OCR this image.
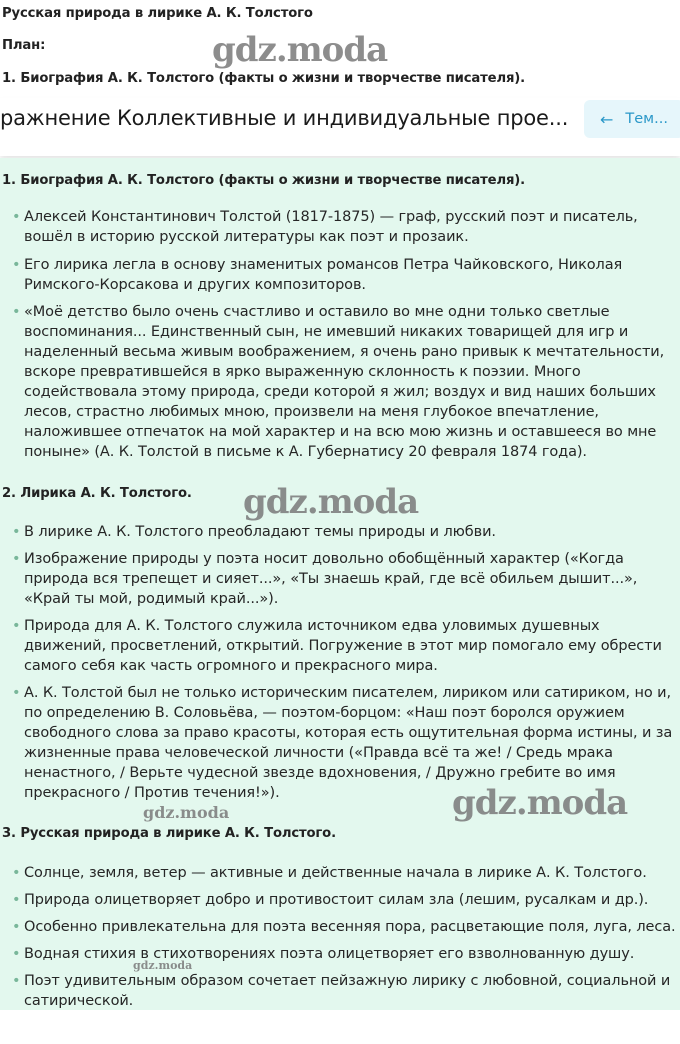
Русская природа в лирике А. К. Толстого
План:
1. Биография А. К. Толстого (факты о жизни и творчестве писателя).
gdz.moda
ражнение Коллективные и индивидуальные прое...	← Тем...
1. Биография А. К. Толстого (факты о жизни и творчестве писателя).
• Алексей Константинович Толстой (1817-1875) — граф, русский поэт и писатель, вошёл в историю русской литературы как поэт и прозаик.
• Его лирика легла в основу знаменитых романсов Петра Чайковского, Николая Римского-Корсакова и других композиторов.
• «Моё детство было очень счастливо и оставило во мне одни только светлые воспоминания... Единственный сын, не имевший никаких товарищей для игр и наделенный весьма живым воображением, я очень рано привык к мечтательности, вскоре превратившейся в ярко выраженную склонность к поэзии. Много содействовала этому природа, среди которой я жил; воздух и вид наших больших лесов, страстно любимых мною, произвели на меня глубокое впечатление, наложившее отпечаток на мой характер и на всю мою жизнь и оставшееся во мне поныне» (А. К. Толстой в письме к А. Губернатису 20 февраля 1874 года).
2. Лирика А. К. Толстого.
• В лирике А. К. Толстого преобладают темы природы и любви.
• Изображение природы у поэта носит довольно обобщённый характер («Когда природа вся трепещет и сияет...», «Ты знаешь край, где всё обильем дышит...», «Край ты мой, родимый край...»).
• Природа для А. К. Толстого служила источником едва уловимых душевных движений, просветлений, открытий. Погружение в этот мир помогало ему обрести самого себя как часть огромного и прекрасного мира.
• А. К. Толстой был не только историческим писателем, лириком или сатириком, но и, по определению В. Соловьёва, — поэтом-борцом: «Наш поэт боролся оружием свободного слова за право красоты, которая есть ощутительная форма истины, и за жизненные права человеческой личности («Правда всё та же! / Средь мрака ненастного, / Верьте чудесной звезде вдохновения, / Дружно гребите во имя прекрасного / Против течения!»).
3. Русская природа в лирике А. К. Толстого.
• Солнце, земля, ветер — активные и действенные начала в лирике А. К. Толстого.
• Природа олицетворяет добро и противостоит силам зла (лешим, русалкам и др.).
• Особенно привлекательна для поэта весенняя пора, расцветающие поля, луга, леса.
• Водная стихия в стихотворениях поэта олицетворяет его взволнованную душу.
• Поэт удивительным образом сочетает пейзажную лирику с любовной, социальной и сатирической.
gdz.moda
gdz.moda
gdz.moda
gdz.moda
